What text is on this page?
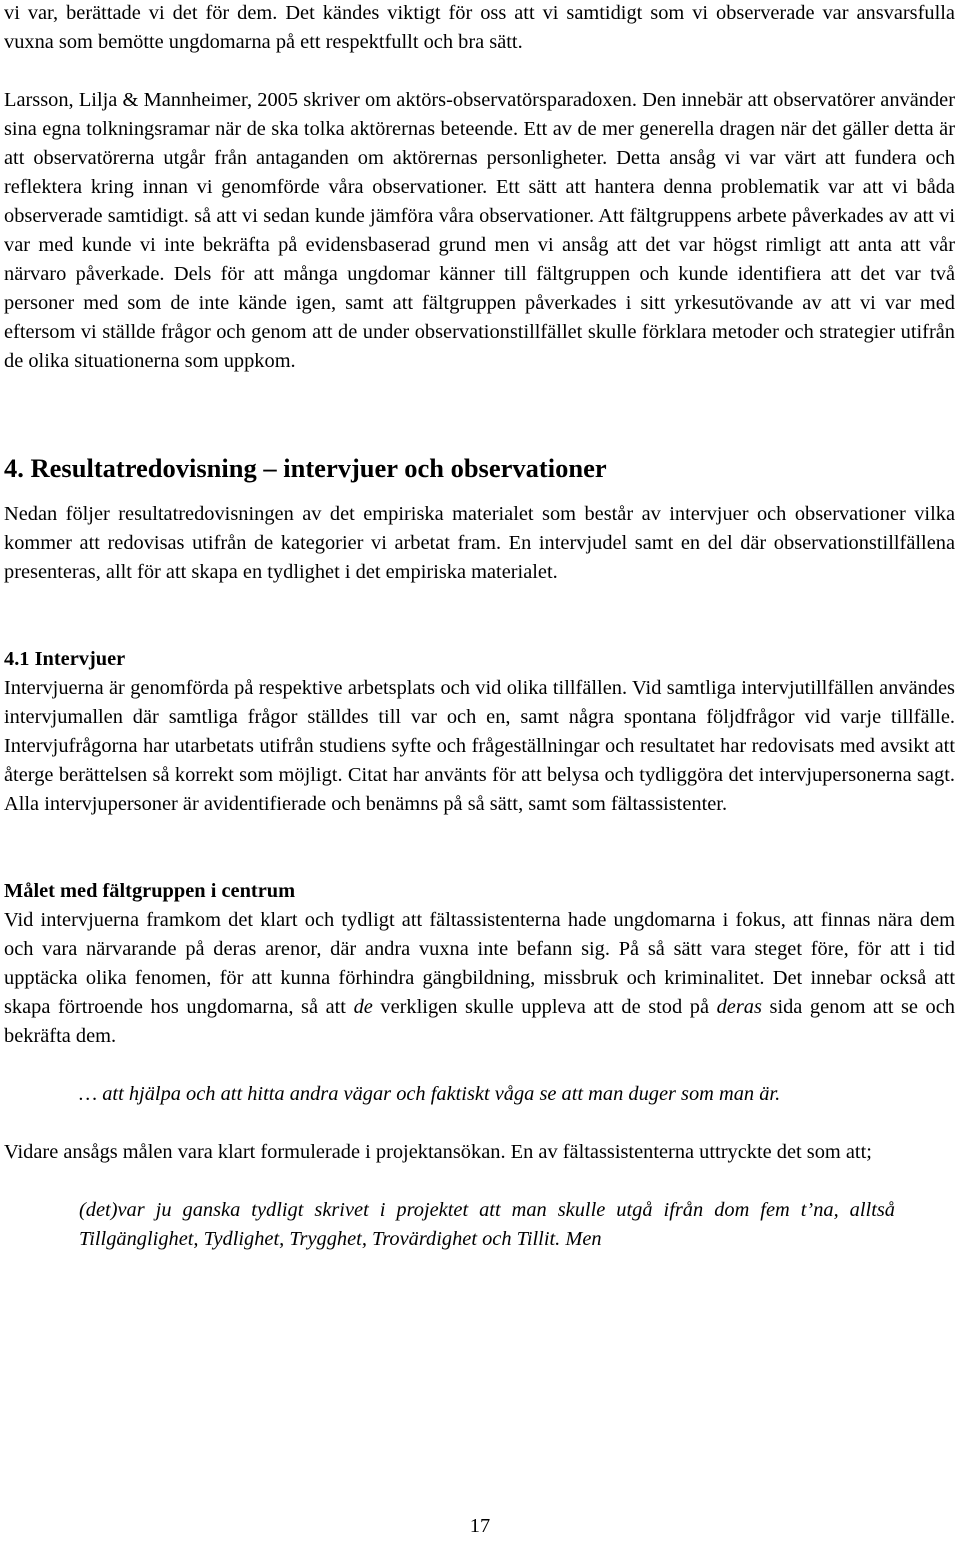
vi var, berättade vi det för dem. Det kändes viktigt för oss att vi samtidigt som vi observerade var ansvarsfulla vuxna som bemötte ungdomarna på ett respektfullt och bra sätt.

Larsson, Lilja & Mannheimer, 2005 skriver om aktörs-observatörsparadoxen. Den innebär att observatörer använder sina egna tolkningsramar när de ska tolka aktörernas beteende. Ett av de mer generella dragen när det gäller detta är att observatörerna utgår från antaganden om aktörernas personligheter. Detta ansåg vi var värt att fundera och reflektera kring innan vi genomförde våra observationer. Ett sätt att hantera denna problematik var att vi båda observerade samtidigt. så att vi sedan kunde jämföra våra observationer. Att fältgruppens arbete påverkades av att vi var med kunde vi inte bekräfta på evidensbaserad grund men vi ansåg att det var högst rimligt att anta att vår närvaro påverkade. Dels för att många ungdomar känner till fältgruppen och kunde identifiera att det var två personer med som de inte kände igen, samt att fältgruppen påverkades i sitt yrkesutövande av att vi var med eftersom vi ställde frågor och genom att de under observationstillfället skulle förklara metoder och strategier utifrån de olika situationerna som uppkom.

4. Resultatredovisning – intervjuer och observationer

Nedan följer resultatredovisningen av det empiriska materialet som består av intervjuer och observationer vilka kommer att redovisas utifrån de kategorier vi arbetat fram. En intervjudel samt en del där observationstillfällena presenteras, allt för att skapa en tydlighet i det empiriska materialet.

4.1 Intervjuer

Intervjuerna är genomförda på respektive arbetsplats och vid olika tillfällen. Vid samtliga intervjutillfällen användes intervjumallen där samtliga frågor ställdes till var och en, samt några spontana följdfrågor vid varje tillfälle. Intervjufrågorna har utarbetats utifrån studiens syfte och frågeställningar och resultatet har redovisats med avsikt att återge berättelsen så korrekt som möjligt. Citat har använts för att belysa och tydliggöra det intervjupersonerna sagt. Alla intervjupersoner är avidentifierade och benämns på så sätt, samt som fältassistenter.

Målet med fältgruppen i centrum

Vid intervjuerna framkom det klart och tydligt att fältassistenterna hade ungdomarna i fokus, att finnas nära dem och vara närvarande på deras arenor, där andra vuxna inte befann sig. På så sätt vara steget före, för att i tid upptäcka olika fenomen, för att kunna förhindra gängbildning, missbruk och kriminalitet. Det innebar också att skapa förtroende hos ungdomarna, så att de verkligen skulle uppleva att de stod på deras sida genom att se och bekräfta dem.

… att hjälpa och att hitta andra vägar och faktiskt våga se att man duger som man är.

Vidare ansågs målen vara klart formulerade i projektansökan. En av fältassistenterna uttryckte det som att;

(det)var ju ganska tydligt skrivet i projektet att man skulle utgå ifrån dom fem t’na, alltså Tillgänglighet, Tydlighet, Trygghet, Trovärdighet och Tillit. Men

17
